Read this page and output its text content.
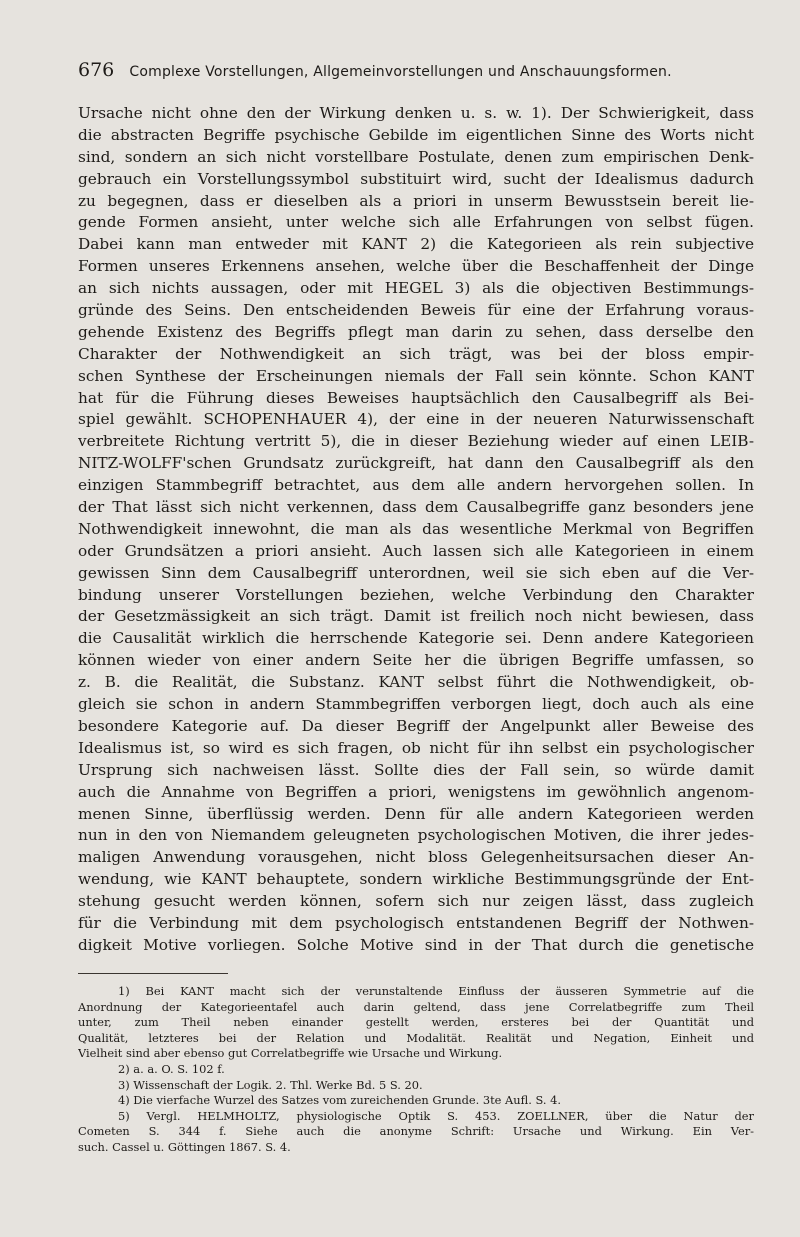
676 Complexe Vorstellungen, Allgemeinvorstellungen und Anschauungsformen.
Ursache nicht ohne den der Wirkung denken u. s. w. 1). Der Schwierigkeit, dass
die abstracten Begriffe psychische Gebilde im eigentlichen Sinne des Worts nicht
sind, sondern an sich nicht vorstellbare Postulate, denen zum empirischen Denk-
gebrauch ein Vorstellungssymbol substituirt wird, sucht der Idealismus dadurch
zu begegnen, dass er dieselben als a priori in unserm Bewusstsein bereit lie-
gende Formen ansieht, unter welche sich alle Erfahrungen von selbst fügen.
Dabei kann man entweder mit KANT 2) die Kategorieen als rein subjective
Formen unseres Erkennens ansehen, welche über die Beschaffenheit der Dinge
an sich nichts aussagen, oder mit HEGEL 3) als die objectiven Bestimmungs-
gründe des Seins. Den entscheidenden Beweis für eine der Erfahrung voraus-
gehende Existenz des Begriffs pflegt man darin zu sehen, dass derselbe den
Charakter der Nothwendigkeit an sich trägt, was bei der bloss empir-
schen Synthese der Erscheinungen niemals der Fall sein könnte. Schon KANT
hat für die Führung dieses Beweises hauptsächlich den Causalbegriff als Bei-
spiel gewählt. SCHOPENHAUER 4), der eine in der neueren Naturwissenschaft
verbreitete Richtung vertritt 5), die in dieser Beziehung wieder auf einen LEIB-
NITZ-WOLFF'schen Grundsatz zurückgreift, hat dann den Causalbegriff als den
einzigen Stammbegriff betrachtet, aus dem alle andern hervorgehen sollen. In
der That lässt sich nicht verkennen, dass dem Causalbegriffe ganz besonders jene
Nothwendigkeit innewohnt, die man als das wesentliche Merkmal von Begriffen
oder Grundsätzen a priori ansieht. Auch lassen sich alle Kategorieen in einem
gewissen Sinn dem Causalbegriff unterordnen, weil sie sich eben auf die Ver-
bindung unserer Vorstellungen beziehen, welche Verbindung den Charakter
der Gesetzmässigkeit an sich trägt. Damit ist freilich noch nicht bewiesen, dass
die Causalität wirklich die herrschende Kategorie sei. Denn andere Kategorieen
können wieder von einer andern Seite her die übrigen Begriffe umfassen, so
z. B. die Realität, die Substanz. KANT selbst führt die Nothwendigkeit, ob-
gleich sie schon in andern Stammbegriffen verborgen liegt, doch auch als eine
besondere Kategorie auf. Da dieser Begriff der Angelpunkt aller Beweise des
Idealismus ist, so wird es sich fragen, ob nicht für ihn selbst ein psychologischer
Ursprung sich nachweisen lässt. Sollte dies der Fall sein, so würde damit
auch die Annahme von Begriffen a priori, wenigstens im gewöhnlich angenom-
menen Sinne, überflüssig werden. Denn für alle andern Kategorieen werden
nun in den von Niemandem geleugneten psychologischen Motiven, die ihrer jedes-
maligen Anwendung vorausgehen, nicht bloss Gelegenheitsursachen dieser An-
wendung, wie KANT behauptete, sondern wirkliche Bestimmungsgründe der Ent-
stehung gesucht werden können, sofern sich nur zeigen lässt, dass zugleich
für die Verbindung mit dem psychologisch entstandenen Begriff der Nothwen-
digkeit Motive vorliegen. Solche Motive sind in der That durch die genetische
1) Bei KANT macht sich der verunstaltende Einfluss der äusseren Symmetrie auf die
Anordnung der Kategorieentafel auch darin geltend, dass jene Correlatbegriffe zum Theil
unter, zum Theil neben einander gestellt werden, ersteres bei der Quantität und
Qualität, letzteres bei der Relation und Modalität. Realität und Negation, Einheit und
Vielheit sind aber ebenso gut Correlatbegriffe wie Ursache und Wirkung.
2) a. a. O. S. 102 f.
3) Wissenschaft der Logik. 2. Thl. Werke Bd. 5 S. 20.
4) Die vierfache Wurzel des Satzes vom zureichenden Grunde. 3te Aufl. S. 4.
5) Vergl. HELMHOLTZ, physiologische Optik S. 453. ZOELLNER, über die Natur der
Cometen S. 344 f. Siehe auch die anonyme Schrift: Ursache und Wirkung. Ein Ver-
such. Cassel u. Göttingen 1867. S. 4.
